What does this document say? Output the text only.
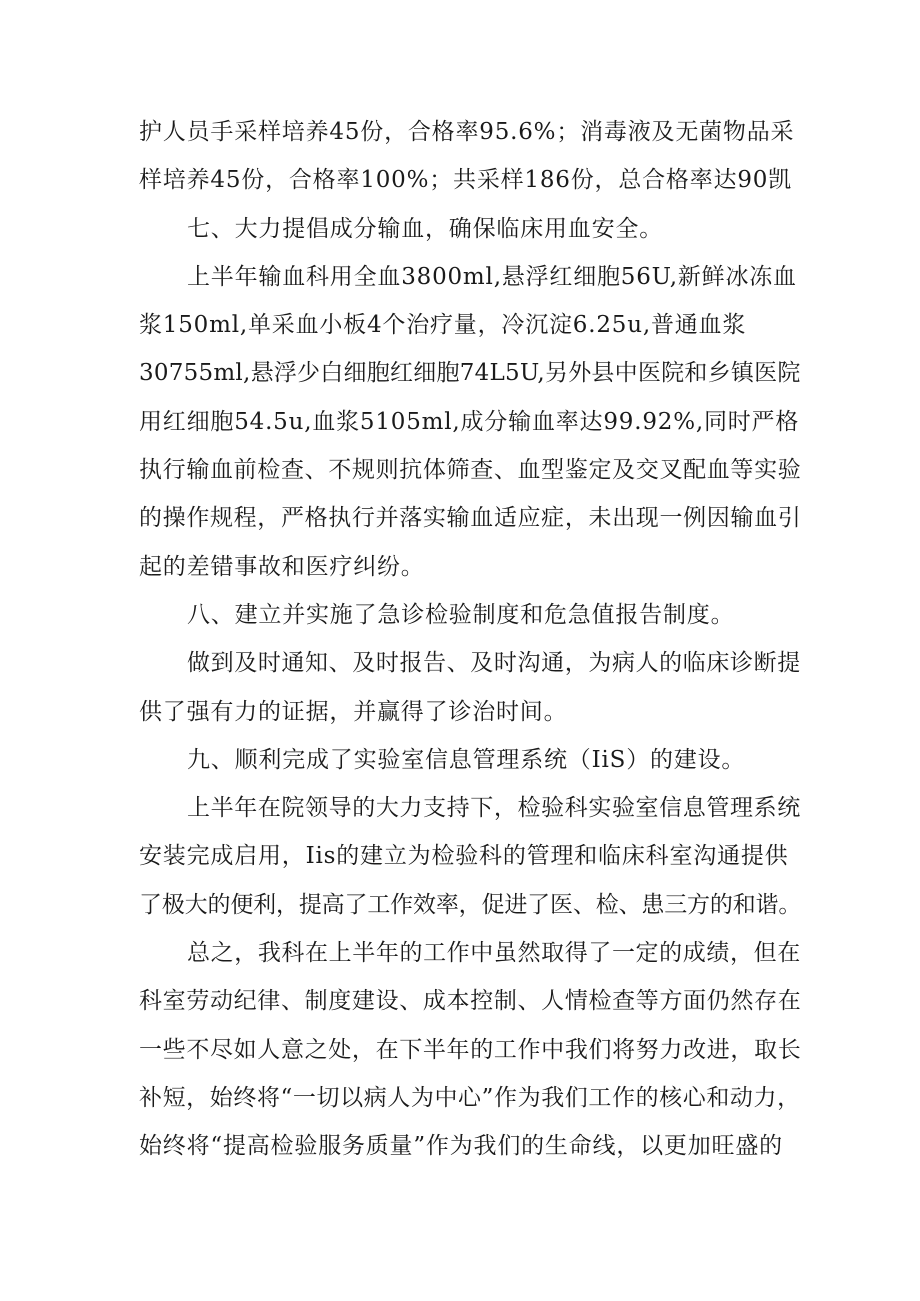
护人员手采样培养45份，合格率95.6%；消毒液及无菌物品采
样培养45份，合格率100%；共采样186份，总合格率达90凯
七、大力提倡成分输血，确保临床用血安全。
上半年输血科用全血3800ml,悬浮红细胞56U,新鲜冰冻血
浆150ml,单采血小板4个治疗量，冷沉淀6.25u,普通血浆
30755ml,悬浮少白细胞红细胞74L5U,另外县中医院和乡镇医院
用红细胞54.5u,血浆5105ml,成分输血率达99.92%,同时严格
执行输血前检查、不规则抗体筛查、血型鉴定及交叉配血等实验
的操作规程，严格执行并落实输血适应症，未出现一例因输血引
起的差错事故和医疗纠纷。
八、建立并实施了急诊检验制度和危急值报告制度。
做到及时通知、及时报告、及时沟通，为病人的临床诊断提
供了强有力的证据，并赢得了诊治时间。
九、顺利完成了实验室信息管理系统（IiS）的建设。
上半年在院领导的大力支持下，检验科实验室信息管理系统
安装完成启用，Iis的建立为检验科的管理和临床科室沟通提供
了极大的便利，提高了工作效率，促进了医、检、患三方的和谐。
总之，我科在上半年的工作中虽然取得了一定的成绩，但在
科室劳动纪律、制度建设、成本控制、人情检查等方面仍然存在
一些不尽如人意之处，在下半年的工作中我们将努力改进，取长
补短，始终将“一切以病人为中心”作为我们工作的核心和动力，
始终将“提高检验服务质量”作为我们的生命线，以更加旺盛的
